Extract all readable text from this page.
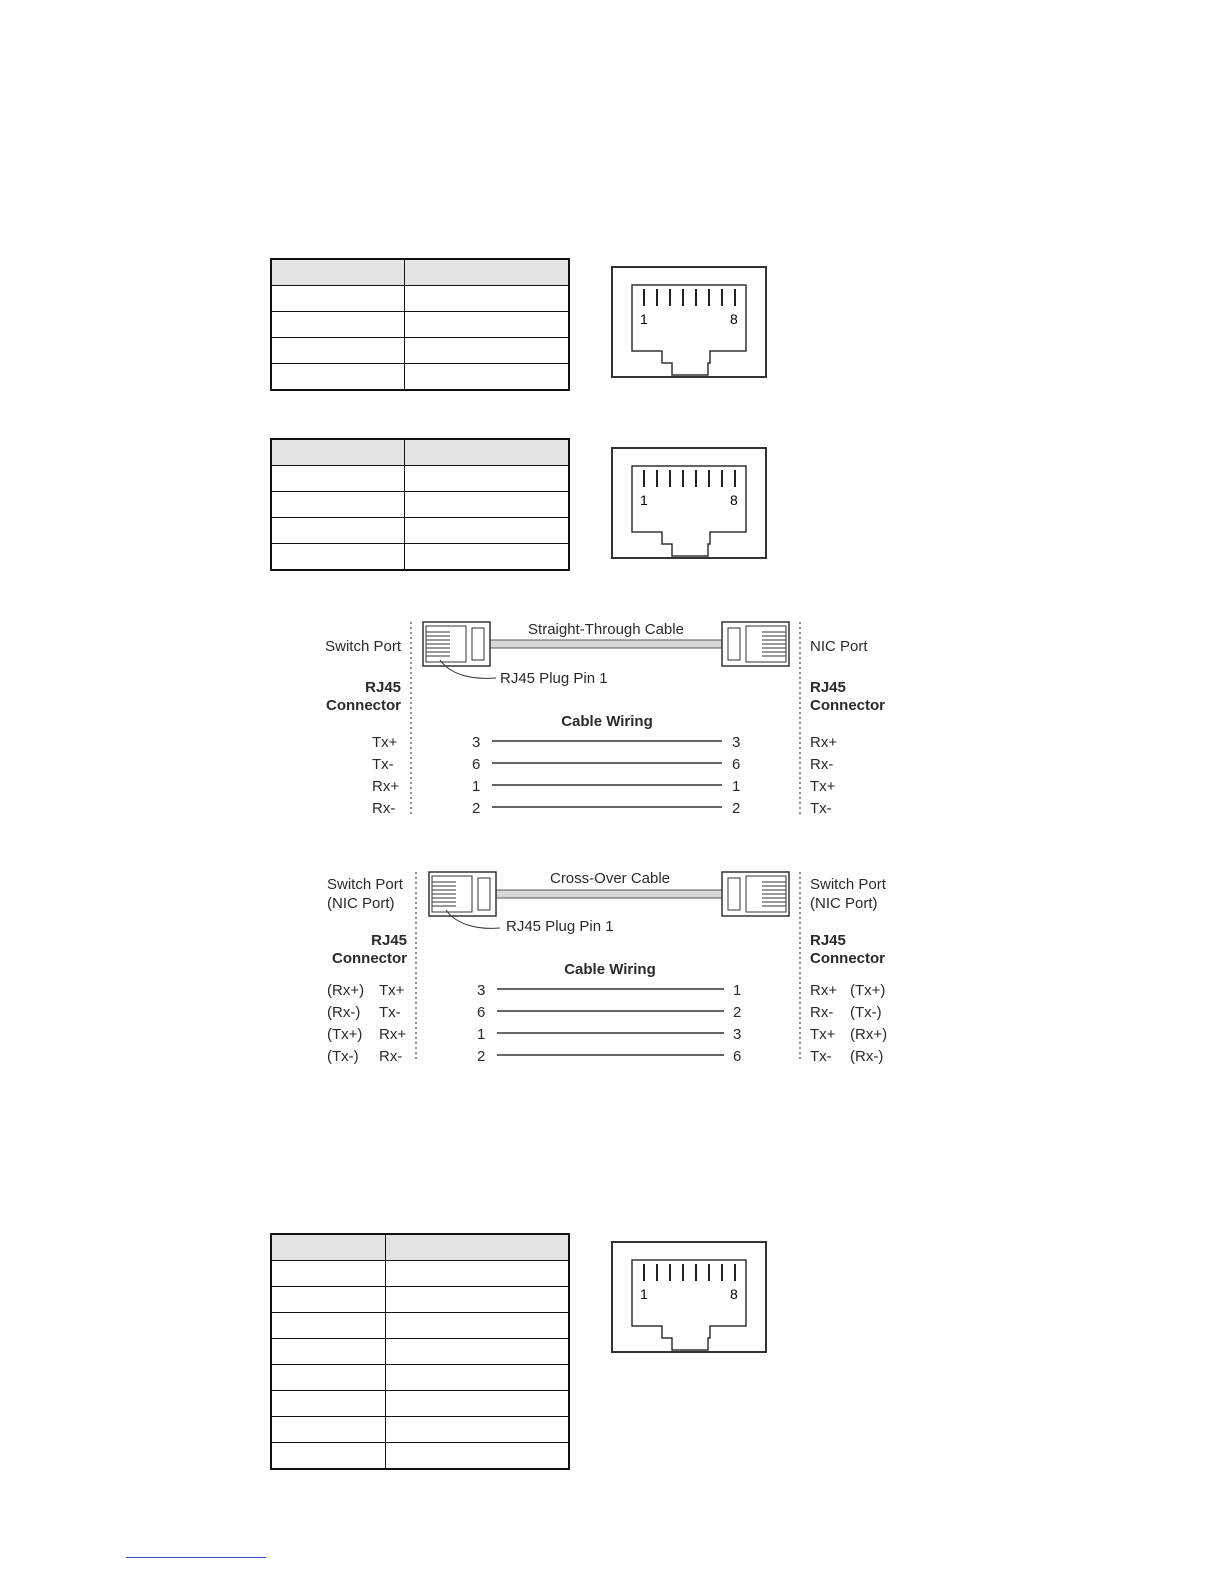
1	8

1	8
Straight-Through Cable
RJ45 Plug Pin 1
Switch Port	NIC Port
RJ45
Connector
RJ45
Connector
Cable Wiring
Tx+	3	3	Rx+
Tx-	6	6	Rx-
Rx+	1	1	Tx+
Rx-	2	2	Tx-
Cross-Over Cable
RJ45 Plug Pin 1
Switch Port
(NIC Port)
Switch Port
(NIC Port)
RJ45
Connector
RJ45
Connector
Cable Wiring
(Rx+) Tx+	3	1	Rx+ (Tx+)
(Rx-) Tx-	6	2	Rx- (Tx-)
(Tx+) Rx+	1	3	Tx+ (Rx+)
(Tx-) Rx-	2	6	Tx- (Rx-)

1	8
